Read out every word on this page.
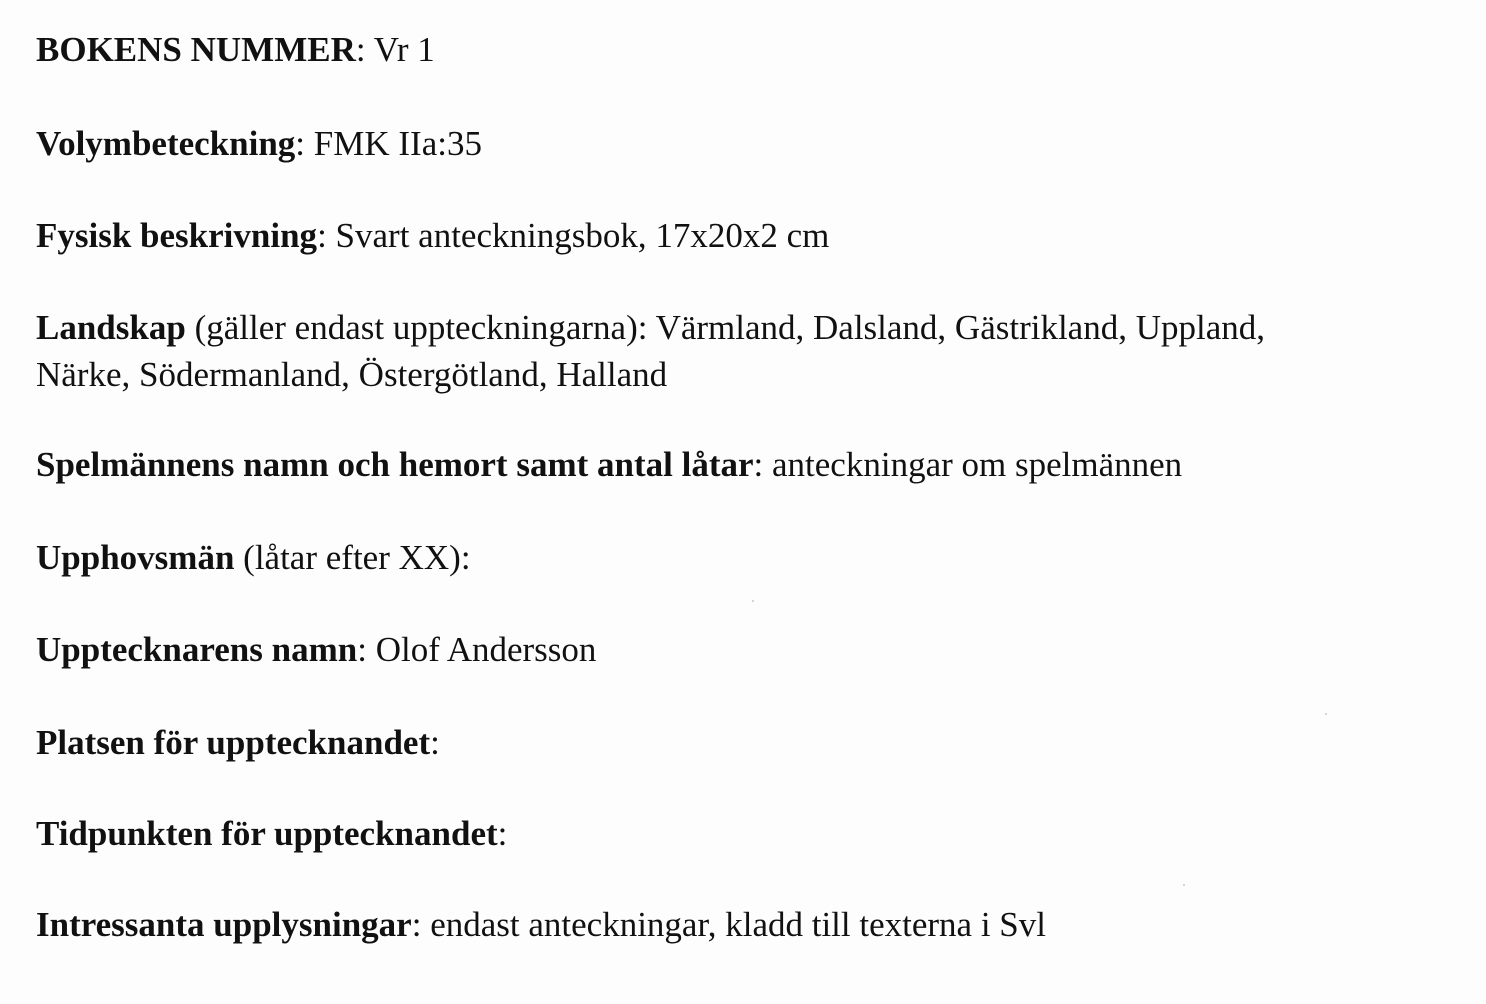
BOKENS NUMMER: Vr 1

Volymbeteckning: FMK IIa:35

Fysisk beskrivning: Svart anteckningsbok, 17x20x2 cm

Landskap (gäller endast uppteckningarna): Värmland, Dalsland, Gästrikland, Uppland,

Närke, Södermanland, Östergötland, Halland

Spelmännens namn och hemort samt antal låtar: anteckningar om spelmännen

Upphovsmän (låtar efter XX):

Upptecknarens namn: Olof Andersson

Platsen för upptecknandet:

Tidpunkten för upptecknandet:

Intressanta upplysningar: endast anteckningar, kladd till texterna i Svl
